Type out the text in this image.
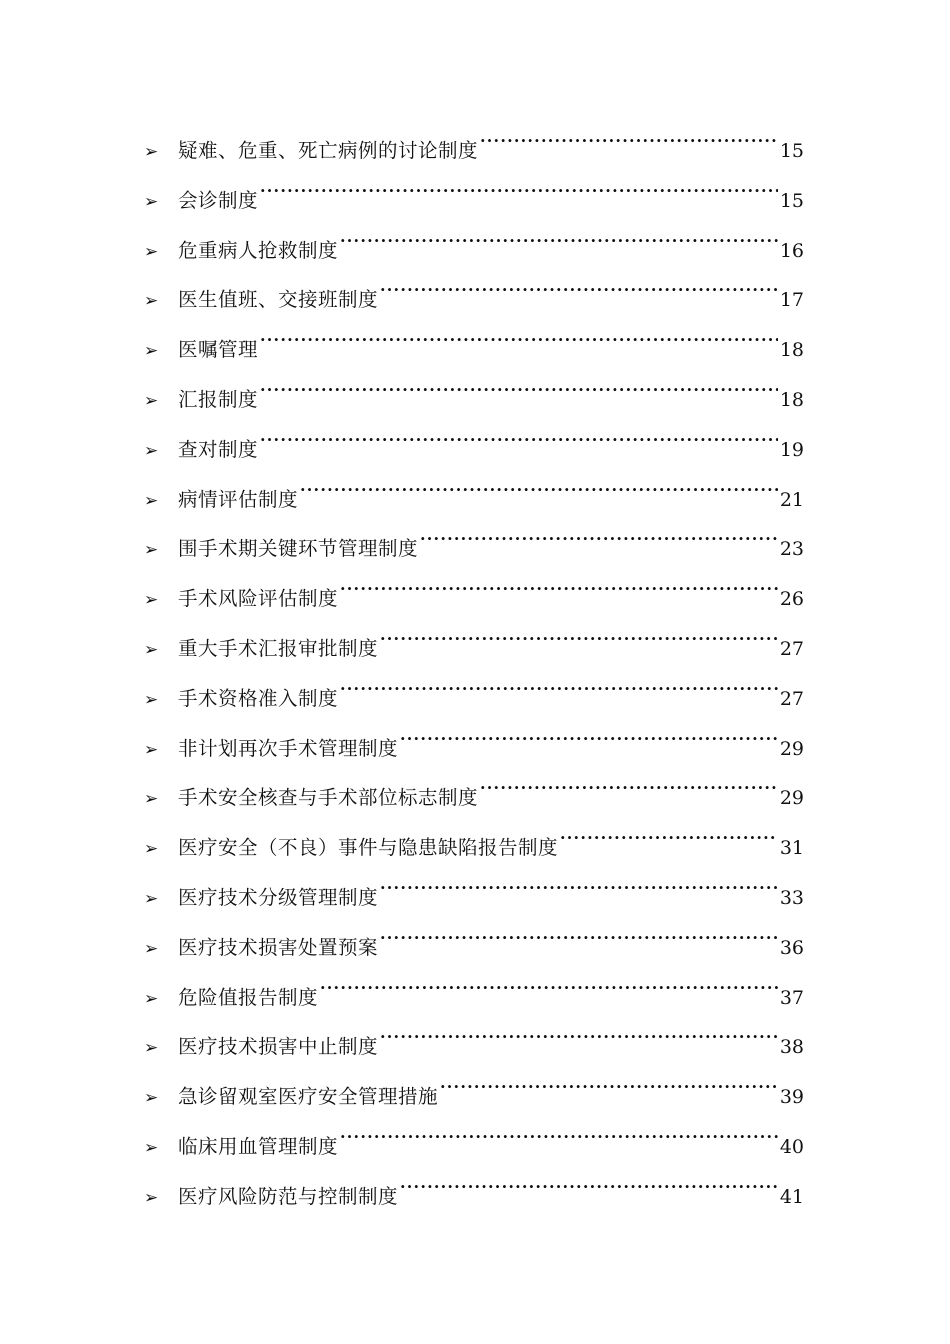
➢	疑难、危重、死亡病例的讨论制度 ·····	15
➢	会诊制度 ·····	15
➢	危重病人抢救制度 ·····	16
➢	医生值班、交接班制度 ·····	17
➢	医嘱管理 ·····	18
➢	汇报制度 ·····	18
➢	查对制度 ·····	19
➢	病情评估制度 ·····	21
➢	围手术期关键环节管理制度 ·····	23
➢	手术风险评估制度 ·····	26
➢	重大手术汇报审批制度 ·····	27
➢	手术资格准入制度 ·····	27
➢	非计划再次手术管理制度 ·····	29
➢	手术安全核查与手术部位标志制度 ·····	29
➢	医疗安全（不良）事件与隐患缺陷报告制度 ·····	31
➢	医疗技术分级管理制度 ·····	33
➢	医疗技术损害处置预案 ·····	36
➢	危险值报告制度 ·····	37
➢	医疗技术损害中止制度 ·····	38
➢	急诊留观室医疗安全管理措施 ·····	39
➢	临床用血管理制度 ·····	40
➢	医疗风险防范与控制制度 ·····	41
